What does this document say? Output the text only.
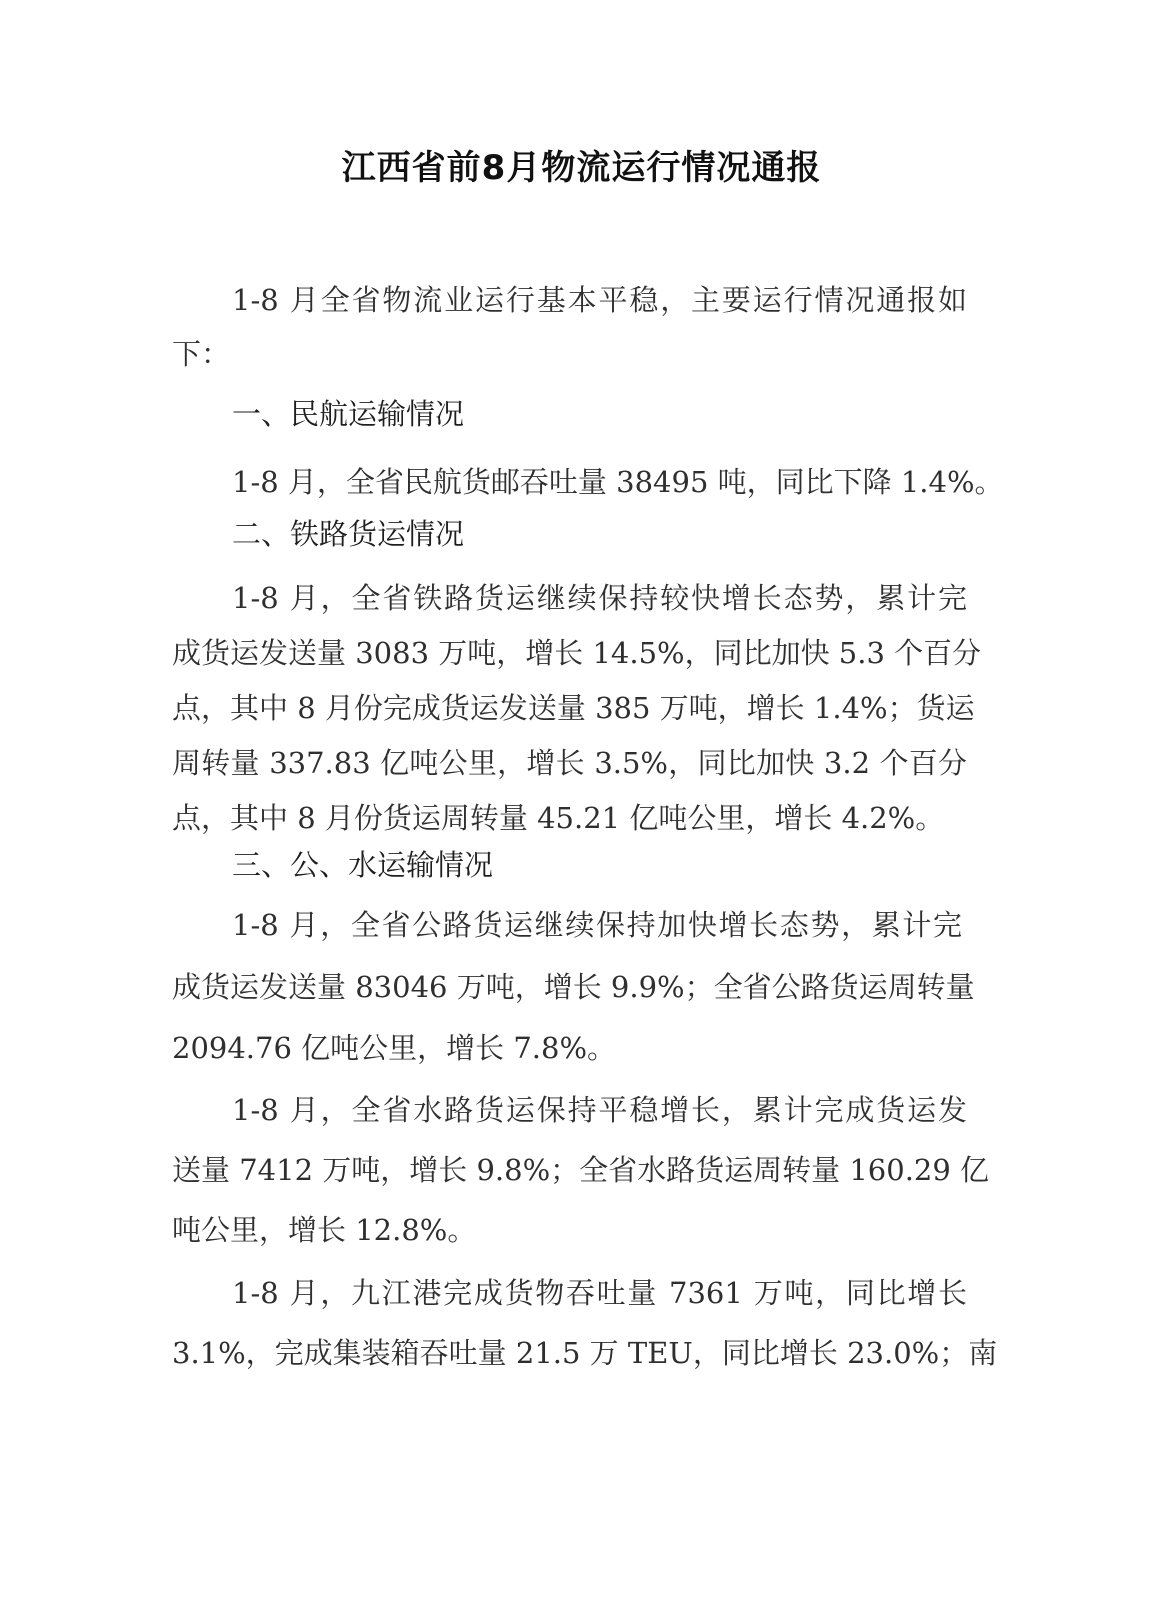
江西省前8月物流运行情况通报
1-8 月全省物流业运行基本平稳，主要运行情况通报如
下：
一、民航运输情况
1-8 月，全省民航货邮吞吐量 38495 吨，同比下降 1.4%。
二、铁路货运情况
1-8 月，全省铁路货运继续保持较快增长态势，累计完
成货运发送量 3083 万吨，增长 14.5%，同比加快 5.3 个百分
点，其中 8 月份完成货运发送量 385 万吨，增长 1.4%；货运
周转量 337.83 亿吨公里，增长 3.5%，同比加快 3.2 个百分
点，其中 8 月份货运周转量 45.21 亿吨公里，增长 4.2%。
三、公、水运输情况
1-8 月，全省公路货运继续保持加快增长态势，累计完
成货运发送量 83046 万吨，增长 9.9%；全省公路货运周转量
2094.76 亿吨公里，增长 7.8%。
1-8 月，全省水路货运保持平稳增长，累计完成货运发
送量 7412 万吨，增长 9.8%；全省水路货运周转量 160.29 亿
吨公里，增长 12.8%。
1-8 月，九江港完成货物吞吐量 7361 万吨，同比增长
3.1%，完成集装箱吞吐量 21.5 万 TEU，同比增长 23.0%；南
